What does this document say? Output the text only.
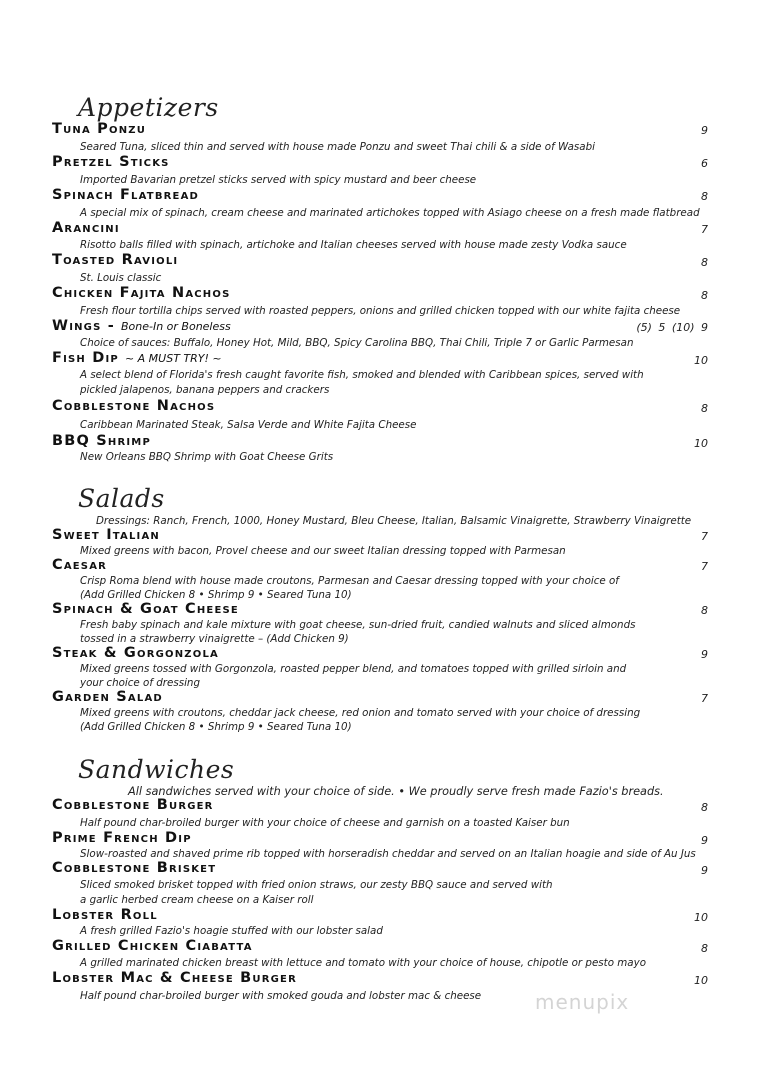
Appetizers
Tuna Ponzu	9
Seared Tuna, sliced thin and served with house made Ponzu and sweet Thai chili & a side of Wasabi
Pretzel Sticks	6
Imported Bavarian pretzel sticks served with spicy mustard and beer cheese
Spinach Flatbread	8
A special mix of spinach, cream cheese and marinated artichokes topped with Asiago cheese on a fresh made flatbread
Arancini	7
Risotto balls filled with spinach, artichoke and Italian cheeses served with house made zesty Vodka sauce
Toasted Ravioli	8
St. Louis classic
Chicken Fajita Nachos	8
Fresh flour tortilla chips served with roasted peppers, onions and grilled chicken topped with our white fajita cheese
Wings - Bone-In or Boneless	(5) 5 (10) 9
Choice of sauces: Buffalo, Honey Hot, Mild, BBQ, Spicy Carolina BBQ, Thai Chili, Triple 7 or Garlic Parmesan
Fish Dip ~ A MUST TRY! ~	10
A select blend of Florida's fresh caught favorite fish, smoked and blended with Caribbean spices, served with
pickled jalapenos, banana peppers and crackers
Cobblestone Nachos	8
Caribbean Marinated Steak, Salsa Verde and White Fajita Cheese
BBQ Shrimp	10
New Orleans BBQ Shrimp with Goat Cheese Grits
Salads
Dressings: Ranch, French, 1000, Honey Mustard, Bleu Cheese, Italian, Balsamic Vinaigrette, Strawberry Vinaigrette
Sweet Italian	7
Mixed greens with bacon, Provel cheese and our sweet Italian dressing topped with Parmesan
Caesar	7
Crisp Roma blend with house made croutons, Parmesan and Caesar dressing topped with your choice of
(Add Grilled Chicken 8 • Shrimp 9 • Seared Tuna 10)
Spinach & Goat Cheese	8
Fresh baby spinach and kale mixture with goat cheese, sun-dried fruit, candied walnuts and sliced almonds
tossed in a strawberry vinaigrette – (Add Chicken 9)
Steak & Gorgonzola	9
Mixed greens tossed with Gorgonzola, roasted pepper blend, and tomatoes topped with grilled sirloin and
your choice of dressing
Garden Salad	7
Mixed greens with croutons, cheddar jack cheese, red onion and tomato served with your choice of dressing
(Add Grilled Chicken 8 • Shrimp 9 • Seared Tuna 10)
Sandwiches
All sandwiches served with your choice of side. • We proudly serve fresh made Fazio's breads.
Cobblestone Burger	8
Half pound char-broiled burger with your choice of cheese and garnish on a toasted Kaiser bun
Prime French Dip	9
Slow-roasted and shaved prime rib topped with horseradish cheddar and served on an Italian hoagie and side of Au Jus
Cobblestone Brisket	9
Sliced smoked brisket topped with fried onion straws, our zesty BBQ sauce and served with
a garlic herbed cream cheese on a Kaiser roll
Lobster Roll	10
A fresh grilled Fazio's hoagie stuffed with our lobster salad
Grilled Chicken Ciabatta	8
A grilled marinated chicken breast with lettuce and tomato with your choice of house, chipotle or pesto mayo
Lobster Mac & Cheese Burger	10
Half pound char-broiled burger with smoked gouda and lobster mac & cheese	menupix
